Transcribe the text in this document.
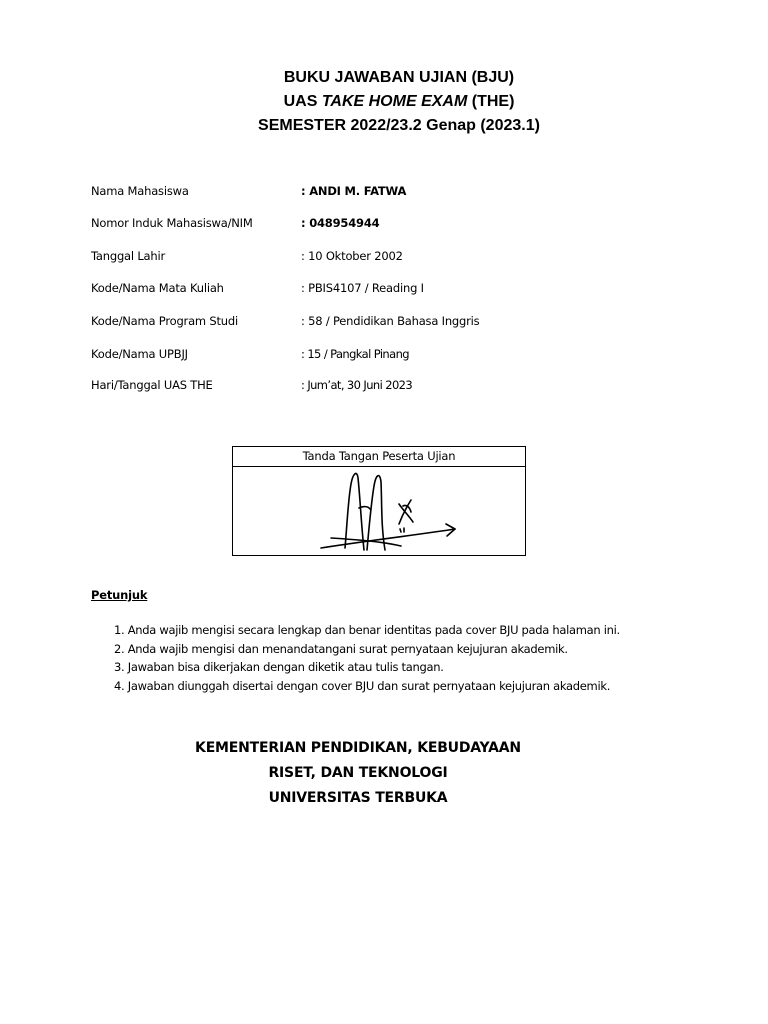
BUKU JAWABAN UJIAN (BJU)
UAS TAKE HOME EXAM (THE)
SEMESTER 2022/23.2 Genap (2023.1)
Nama Mahasiswa	: ANDI M. FATWA
Nomor Induk Mahasiswa/NIM	: 048954944
Tanggal Lahir	: 10 Oktober 2002
Kode/Nama Mata Kuliah	: PBIS4107 / Reading I
Kode/Nama Program Studi	: 58 / Pendidikan Bahasa Inggris
Kode/Nama UPBJJ	: 15 / Pangkal Pinang
Hari/Tanggal UAS THE	: Jum’at, 30 Juni 2023
Tanda Tangan Peserta Ujian
Petunjuk
1. Anda wajib mengisi secara lengkap dan benar identitas pada cover BJU pada halaman ini.
2. Anda wajib mengisi dan menandatangani surat pernyataan kejujuran akademik.
3. Jawaban bisa dikerjakan dengan diketik atau tulis tangan.
4. Jawaban diunggah disertai dengan cover BJU dan surat pernyataan kejujuran akademik.
KEMENTERIAN PENDIDIKAN, KEBUDAYAAN
RISET, DAN TEKNOLOGI
UNIVERSITAS TERBUKA
